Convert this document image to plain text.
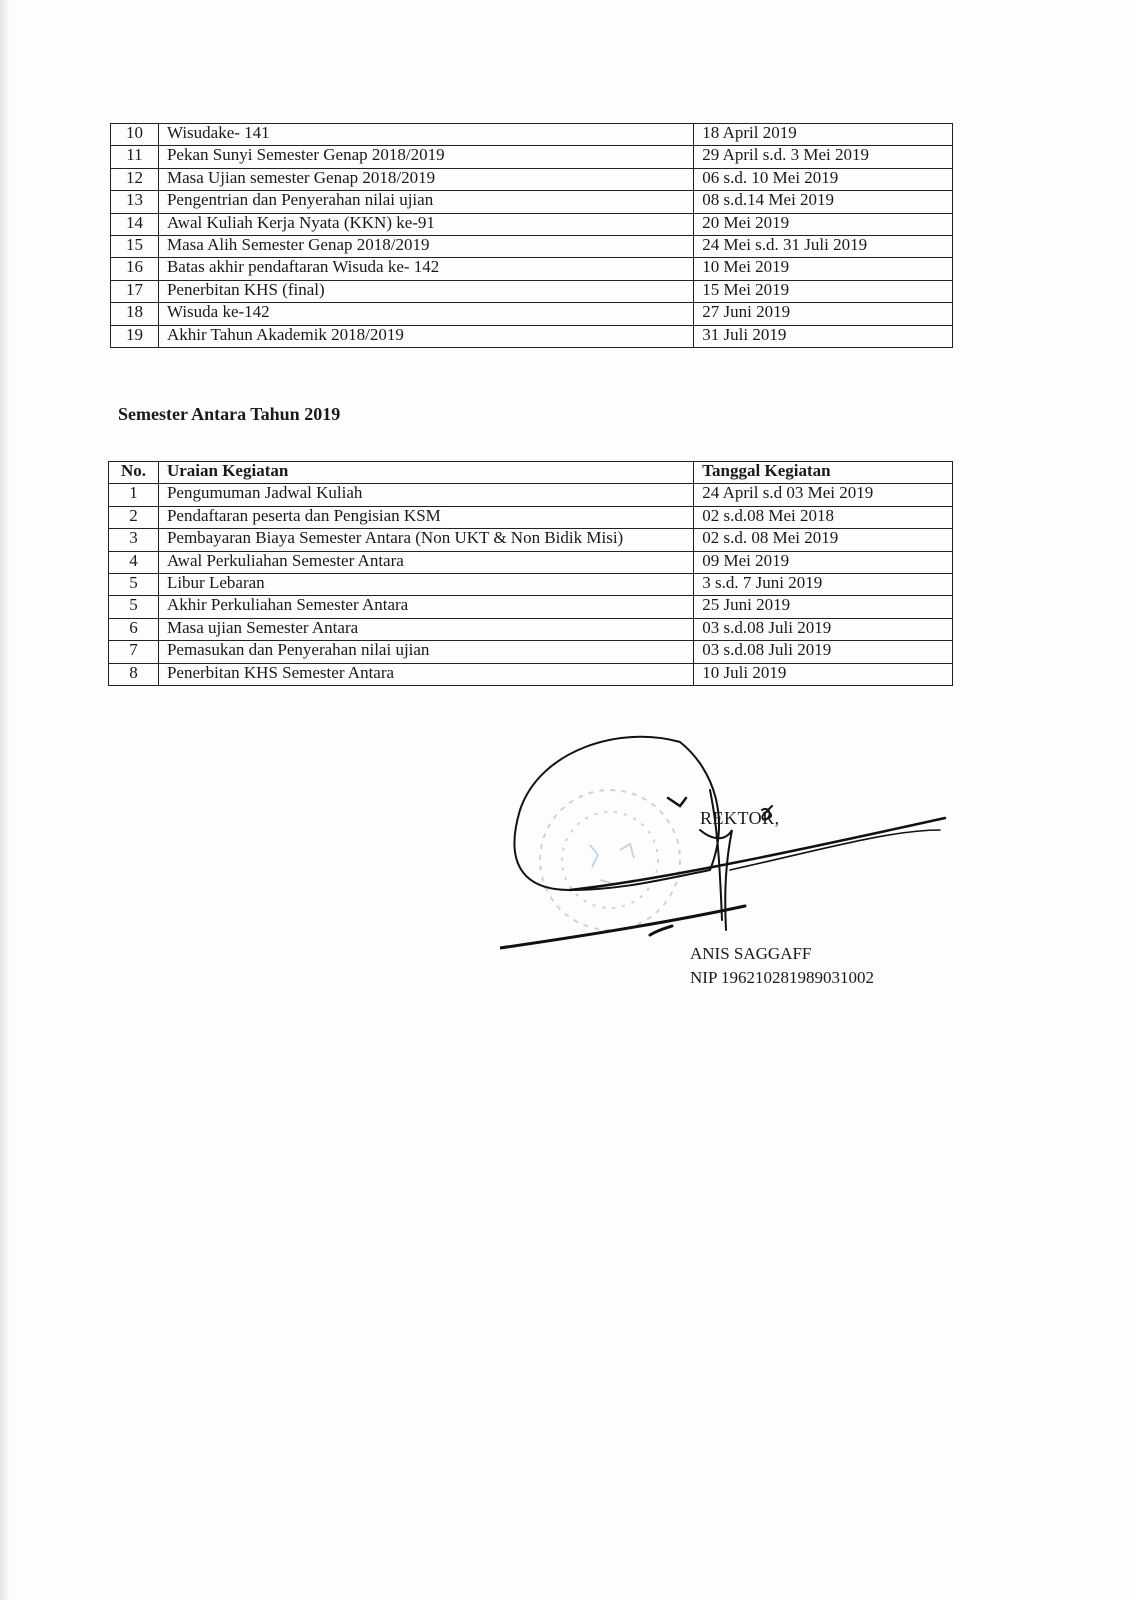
10	Wisudake- 141	18 April 2019
11	Pekan Sunyi Semester Genap 2018/2019	29 April s.d. 3 Mei 2019
12	Masa Ujian semester Genap 2018/2019	06 s.d. 10 Mei 2019
13	Pengentrian dan Penyerahan nilai ujian	08 s.d.14 Mei 2019
14	Awal Kuliah Kerja Nyata (KKN) ke-91	20 Mei 2019
15	Masa Alih Semester Genap 2018/2019	24 Mei s.d. 31 Juli 2019
16	Batas akhir pendaftaran Wisuda ke- 142	10 Mei 2019
17	Penerbitan KHS (final)	15 Mei 2019
18	Wisuda ke-142	27 Juni 2019
19	Akhir Tahun Akademik 2018/2019	31 Juli 2019
Semester Antara Tahun 2019
No.	Uraian Kegiatan	Tanggal Kegiatan
1	Pengumuman Jadwal Kuliah	24 April s.d 03 Mei 2019
2	Pendaftaran peserta dan Pengisian KSM	02 s.d.08 Mei 2018
3	Pembayaran Biaya Semester Antara (Non UKT & Non Bidik Misi)	02 s.d. 08 Mei 2019
4	Awal Perkuliahan Semester Antara	09 Mei 2019
5	Libur Lebaran	3 s.d. 7 Juni 2019
5	Akhir Perkuliahan Semester Antara	25 Juni 2019
6	Masa ujian Semester Antara	03 s.d.08 Juli 2019
7	Pemasukan dan Penyerahan nilai ujian	03 s.d.08 Juli 2019
8	Penerbitan KHS Semester Antara	10 Juli 2019
REKTOR,
ANIS SAGGAFF
NIP 196210281989031002
